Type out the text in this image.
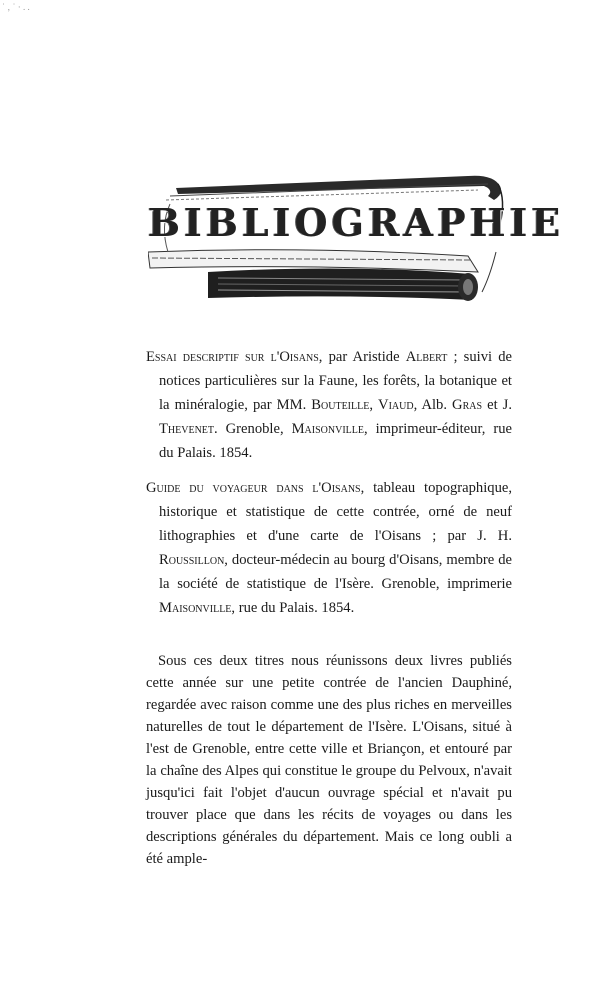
˙ ‚ ˙ · . .
BIBLIOGRAPHIE

Essai descriptif sur l'Oisans, par Aristide Albert ; suivi de notices particulières sur la Faune, les forêts, la botanique et la minéralogie, par MM. Bouteille, Viaud, Alb. Gras et J. Thevenet. Grenoble, Maisonville, imprimeur-éditeur, rue du Palais. 1854.

Guide du voyageur dans l'Oisans, tableau topographique, historique et statistique de cette contrée, orné de neuf lithographies et d'une carte de l'Oisans ; par J. H. Roussillon, docteur-médecin au bourg d'Oisans, membre de la société de statistique de l'Isère. Grenoble, imprimerie Maisonville, rue du Palais. 1854.

Sous ces deux titres nous réunissons deux livres publiés cette année sur une petite contrée de l'ancien Dauphiné, regardée avec raison comme une des plus riches en merveilles naturelles de tout le département de l'Isère. L'Oisans, situé à l'est de Grenoble, entre cette ville et Briançon, et entouré par la chaîne des Alpes qui constitue le groupe du Pelvoux, n'avait jusqu'ici fait l'objet d'aucun ouvrage spécial et n'avait pu trouver place que dans les récits de voyages ou dans les descriptions générales du département. Mais ce long oubli a été ample-
